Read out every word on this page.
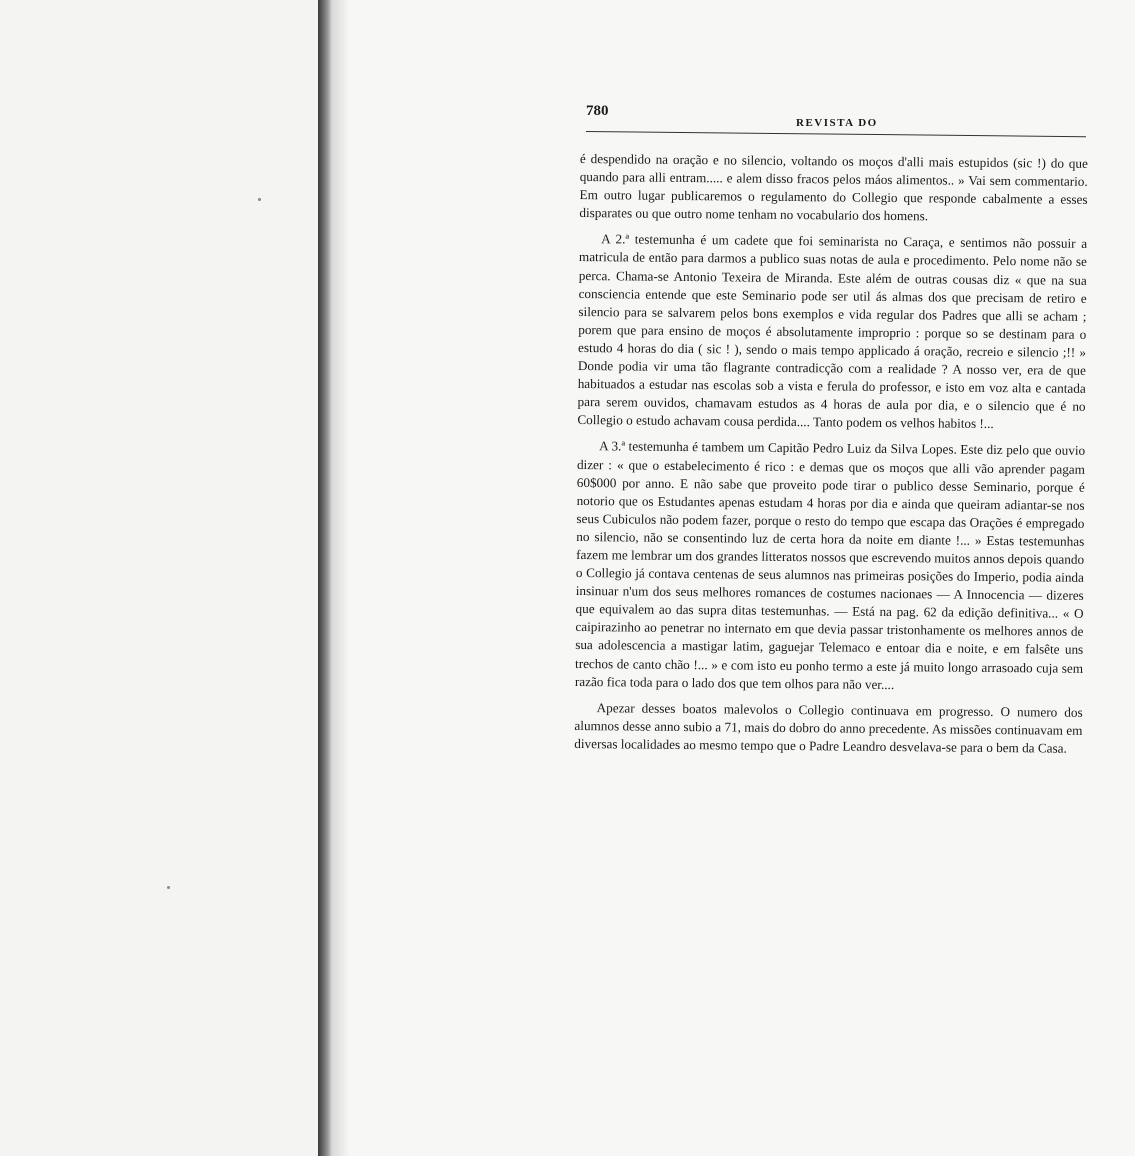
780
REVISTA DO

é despendido na oração e no silencio, voltando os moços d'alli mais estupidos (sic !) do que quando para alli entram..... e alem disso fracos pelos máos alimentos.. » Vai sem commentario. Em outro lugar publicaremos o regulamento do Collegio que responde cabalmente a esses disparates ou que outro nome tenham no vocabulario dos homens.

A 2.ª testemunha é um cadete que foi seminarista no Caraça, e sentimos não possuir a matricula de então para darmos a publico suas notas de aula e procedimento. Pelo nome não se perca. Chama-se Antonio Texeira de Miranda. Este além de outras cousas diz « que na sua consciencia entende que este Seminario pode ser util ás almas dos que precisam de retiro e silencio para se salvarem pelos bons exemplos e vida regular dos Padres que alli se acham ; porem que para ensino de moços é absolutamente improprio : porque so se destinam para o estudo 4 horas do dia ( sic ! ), sendo o mais tempo applicado á oração, recreio e silencio ;!! » Donde podia vir uma tão flagrante contradicção com a realidade ? A nosso ver, era de que habituados a estudar nas escolas sob a vista e ferula do professor, e isto em voz alta e cantada para serem ouvidos, chamavam estudos as 4 horas de aula por dia, e o silencio que é no Collegio o estudo achavam cousa perdida.... Tanto podem os velhos habitos !...

A 3.ª testemunha é tambem um Capitão Pedro Luiz da Silva Lopes. Este diz pelo que ouvio dizer : « que o estabelecimento é rico : e demas que os moços que alli vão aprender pagam 60$000 por anno. E não sabe que proveito pode tirar o publico desse Seminario, porque é notorio que os Estudantes apenas estudam 4 horas por dia e ainda que queiram adiantar-se nos seus Cubiculos não podem fazer, porque o resto do tempo que escapa das Orações é empregado no silencio, não se consentindo luz de certa hora da noite em diante !... » Estas testemunhas fazem me lembrar um dos grandes litteratos nossos que escrevendo muitos annos depois quando o Collegio já contava centenas de seus alumnos nas primeiras posições do Imperio, podia ainda insinuar n'um dos seus melhores romances de costumes nacionaes — A Innocencia — dizeres que equivalem ao das supra ditas testemunhas. — Está na pag. 62 da edição definitiva... « O caipirazinho ao penetrar no internato em que devia passar tristonhamente os melhores annos de sua adolescencia a mastigar latim, gaguejar Telemaco e entoar dia e noite, e em falsête uns trechos de canto chão !... » e com isto eu ponho termo a este já muito longo arrasoado cuja sem razão fica toda para o lado dos que tem olhos para não ver....

Apezar desses boatos malevolos o Collegio continuava em progresso. O numero dos alumnos desse anno subio a 71, mais do dobro do anno precedente. As missões continuavam em diversas localidades ao mesmo tempo que o Padre Leandro desvelava-se para o bem da Casa.
